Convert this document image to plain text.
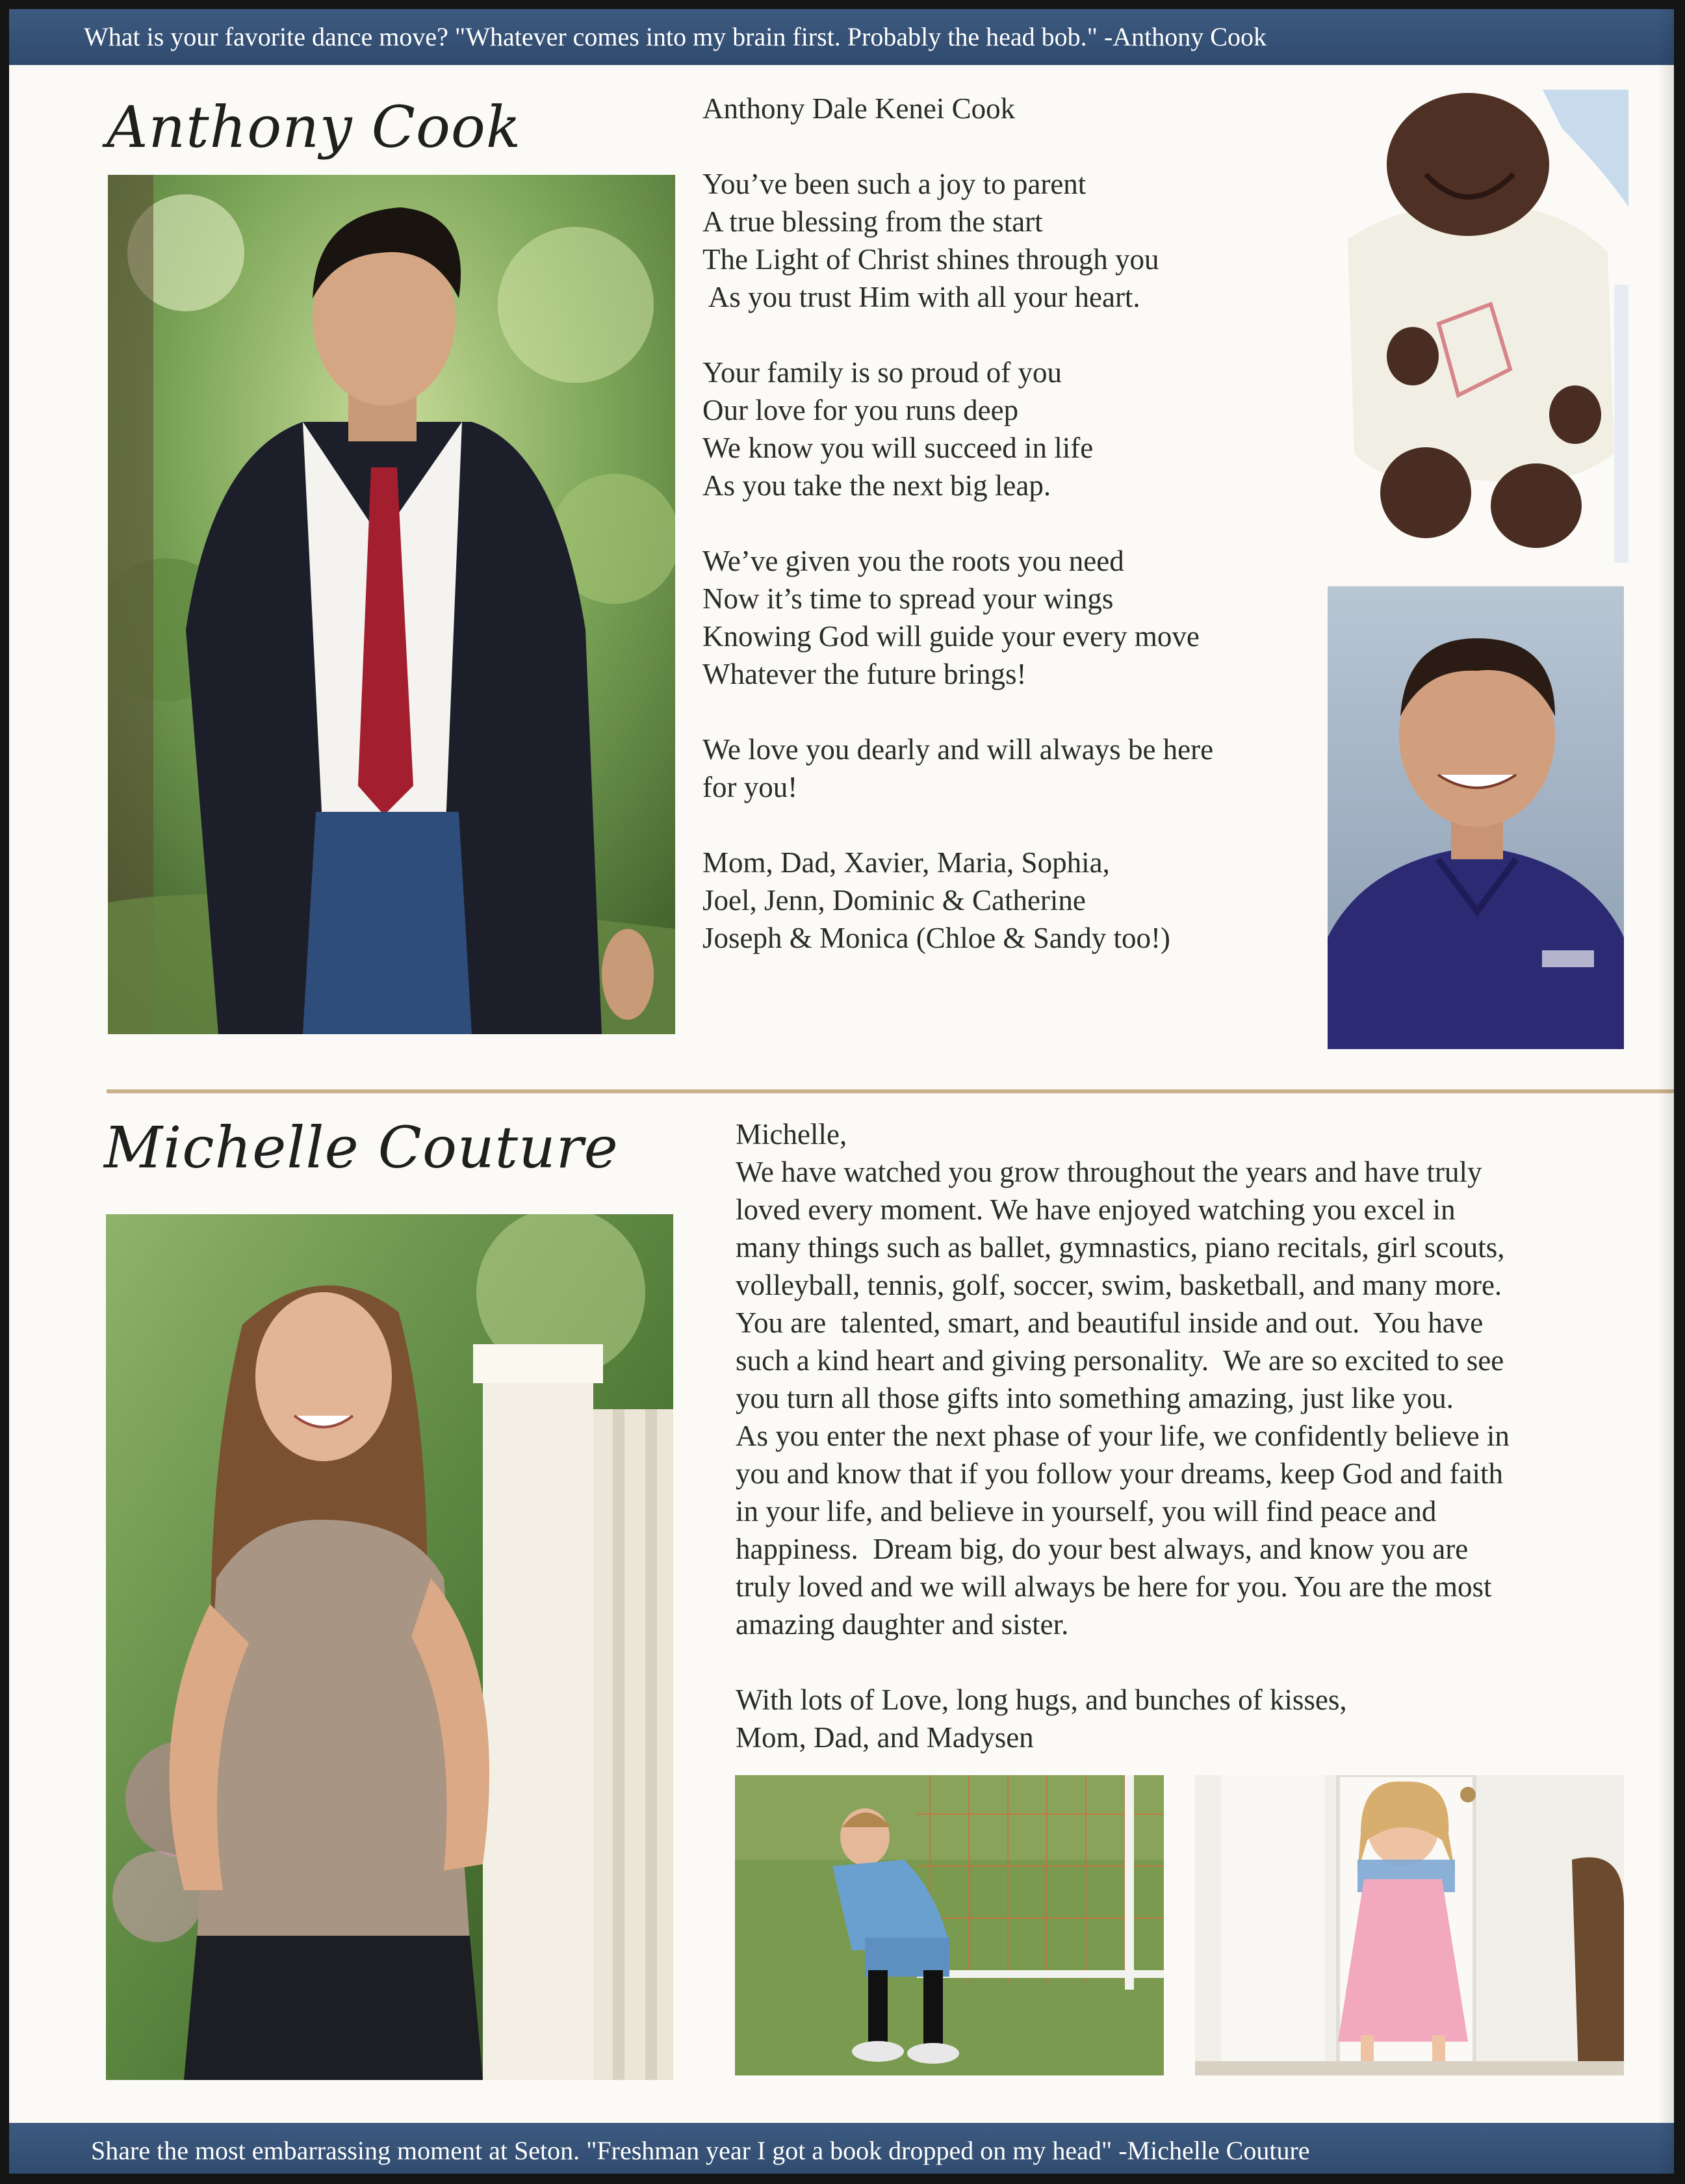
What is your favorite dance move? "Whatever comes into my brain first. Probably the head bob." -Anthony Cook
Anthony Cook	Anthony Dale Kenei Cook

You’ve been such a joy to parent

A true blessing from the start

The Light of Christ shines through you

As you trust Him with all your heart.

Your family is so proud of you

Our love for you runs deep

We know you will succeed in life

As you take the next big leap.

We’ve given you the roots you need

Now it’s time to spread your wings

Knowing God will guide your every move

Whatever the future brings!

We love you dearly and will always be here

for you!

Mom, Dad, Xavier, Maria, Sophia,

Joel, Jenn, Dominic & Catherine

Joseph & Monica (Chloe & Sandy too!)

Michelle Couture	Michelle,

We have watched you grow throughout the years and have truly

loved every moment. We have enjoyed watching you excel in

many things such as ballet, gymnastics, piano recitals, girl scouts,

volleyball, tennis, golf, soccer, swim, basketball, and many more.

You are  talented, smart, and beautiful inside and out.  You have

such a kind heart and giving personality.  We are so excited to see

you turn all those gifts into something amazing, just like you.

As you enter the next phase of your life, we confidently believe in

you and know that if you follow your dreams, keep God and faith

in your life, and believe in yourself, you will find peace and

happiness.  Dream big, do your best always, and know you are

truly loved and we will always be here for you. You are the most

amazing daughter and sister.

With lots of Love, long hugs, and bunches of kisses,

Mom, Dad, and Madysen

Share the most embarrassing moment at Seton. "Freshman year I got a book dropped on my head" -Michelle Couture
